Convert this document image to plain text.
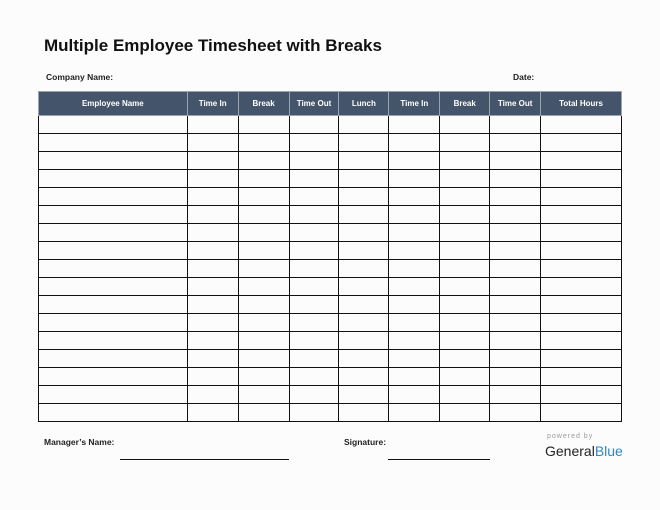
Multiple Employee Timesheet with Breaks
Company Name:	Date:
Employee Name	Time In	Break	Time Out	Lunch	Time In	Break	Time Out	Total Hours

Manager’s Name:	Signature:
powered by
GeneralBlue
